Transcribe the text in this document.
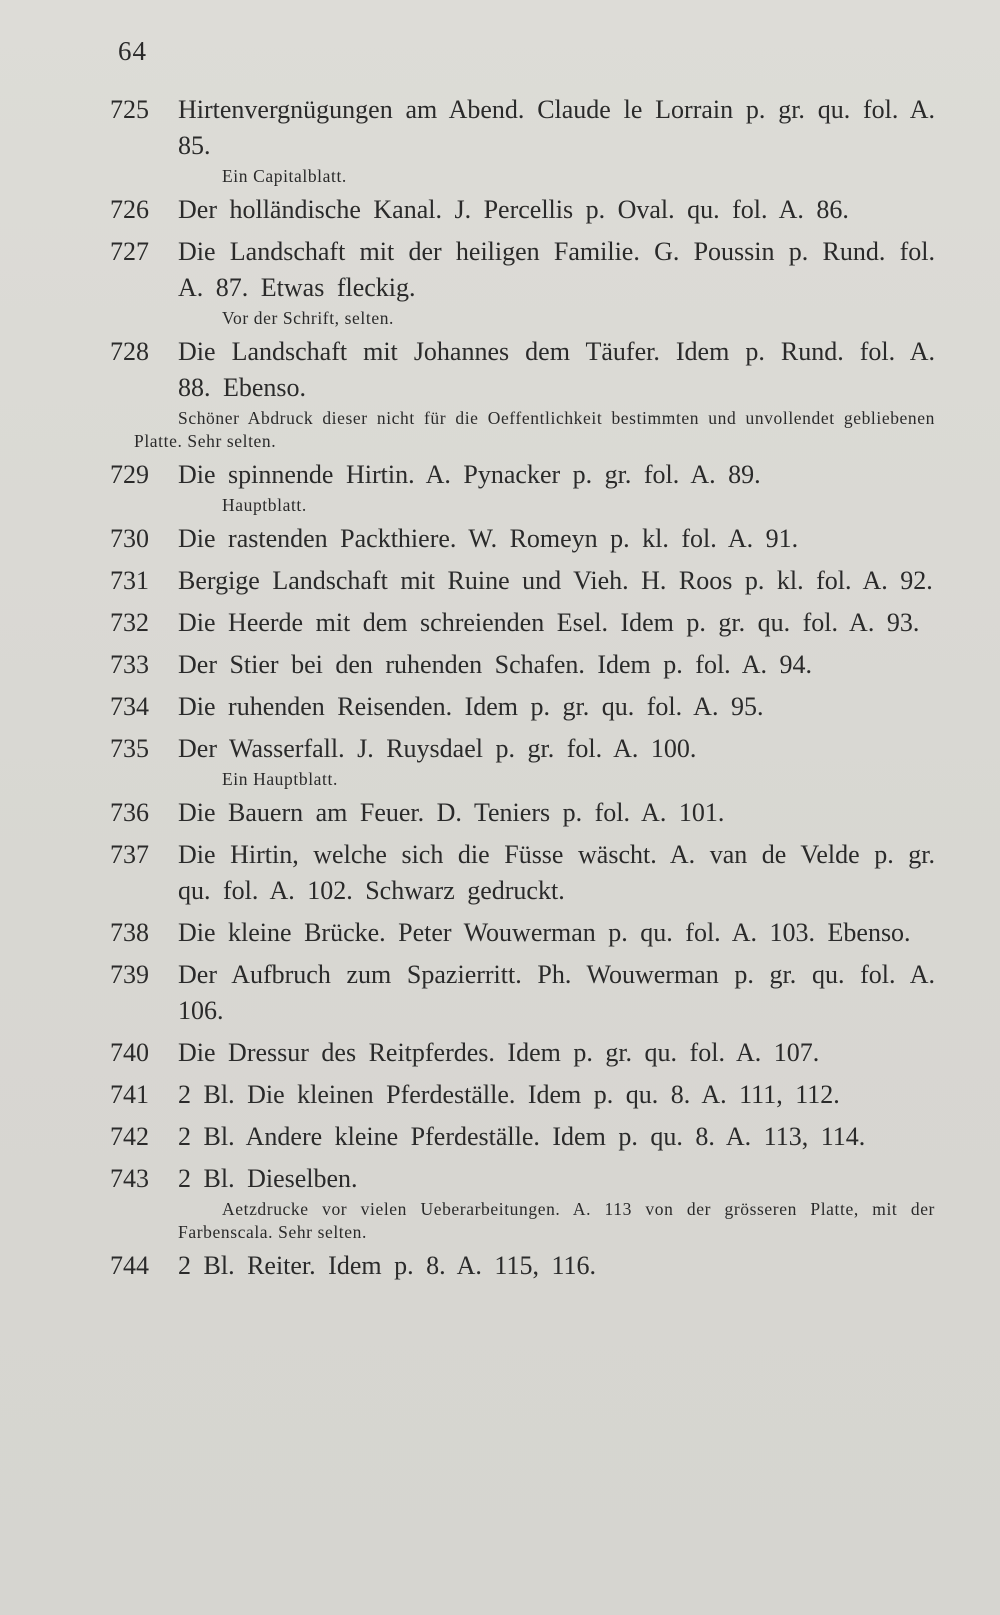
64
725	Hirtenvergnügungen am Abend. Claude le Lorrain p. gr. qu. fol. A. 85.
Ein Capitalblatt.
726	Der holländische Kanal. J. Percellis p. Oval. qu. fol. A. 86.
727	Die Landschaft mit der heiligen Familie. G. Poussin p. Rund. fol. A. 87. Etwas fleckig.
Vor der Schrift, selten.
728	Die Landschaft mit Johannes dem Täufer. Idem p. Rund. fol. A. 88. Ebenso.
Schöner Abdruck dieser nicht für die Oeffentlichkeit bestimmten und unvollendet gebliebenen Platte. Sehr selten.
729	Die spinnende Hirtin. A. Pynacker p. gr. fol. A. 89.
Hauptblatt.
730	Die rastenden Packthiere. W. Romeyn p. kl. fol. A. 91.
731	Bergige Landschaft mit Ruine und Vieh. H. Roos p. kl. fol. A. 92.
732	Die Heerde mit dem schreienden Esel. Idem p. gr. qu. fol. A. 93.
733	Der Stier bei den ruhenden Schafen. Idem p. fol. A. 94.
734	Die ruhenden Reisenden. Idem p. gr. qu. fol. A. 95.
735	Der Wasserfall. J. Ruysdael p. gr. fol. A. 100.
Ein Hauptblatt.
736	Die Bauern am Feuer. D. Teniers p. fol. A. 101.
737	Die Hirtin, welche sich die Füsse wäscht. A. van de Velde p. gr. qu. fol. A. 102. Schwarz gedruckt.
738	Die kleine Brücke. Peter Wouwerman p. qu. fol. A. 103. Ebenso.
739	Der Aufbruch zum Spazierritt. Ph. Wouwerman p. gr. qu. fol. A. 106.
740	Die Dressur des Reitpferdes. Idem p. gr. qu. fol. A. 107.
741	2 Bl. Die kleinen Pferdeställe. Idem p. qu. 8. A. 111, 112.
742	2 Bl. Andere kleine Pferdeställe. Idem p. qu. 8. A. 113, 114.
743	2 Bl. Dieselben.
Aetzdrucke vor vielen Ueberarbeitungen. A. 113 von der grösseren Platte, mit der Farbenscala. Sehr selten.
744	2 Bl. Reiter. Idem p. 8. A. 115, 116.
